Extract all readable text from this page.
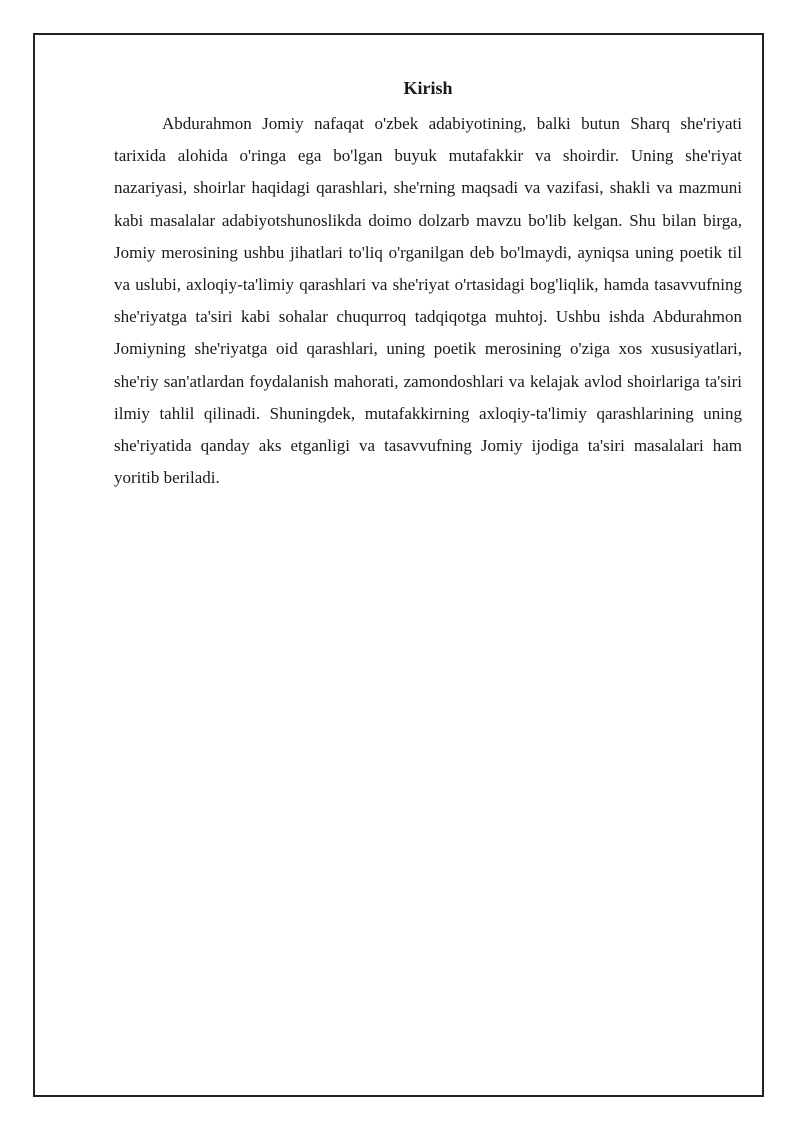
Kirish

Abdurahmon Jomiy nafaqat o'zbek adabiyotining, balki butun Sharq she'riyati tarixida alohida o'ringa ega bo'lgan buyuk mutafakkir va shoirdir. Uning she'riyat nazariyasi, shoirlar haqidagi qarashlari, she'rning maqsadi va vazifasi, shakli va mazmuni kabi masalalar adabiyotshunoslikda doimo dolzarb mavzu bo'lib kelgan. Shu bilan birga, Jomiy merosining ushbu jihatlari to'liq o'rganilgan deb bo'lmaydi, ayniqsa uning poetik til va uslubi, axloqiy-ta'limiy qarashlari va she'riyat o'rtasidagi bog'liqlik, hamda tasavvufning she'riyatga ta'siri kabi sohalar chuqurroq tadqiqotga muhtoj. Ushbu ishda Abdurahmon Jomiyning she'riyatga oid qarashlari, uning poetik merosining o'ziga xos xususiyatlari, she'riy san'atlardan foydalanish mahorati, zamondoshlari va kelajak avlod shoirlariga ta'siri ilmiy tahlil qilinadi. Shuningdek, mutafakkirning axloqiy-ta'limiy qarashlarining uning she'riyatida qanday aks etganligi va tasavvufning Jomiy ijodiga ta'siri masalalari ham yoritib beriladi.
